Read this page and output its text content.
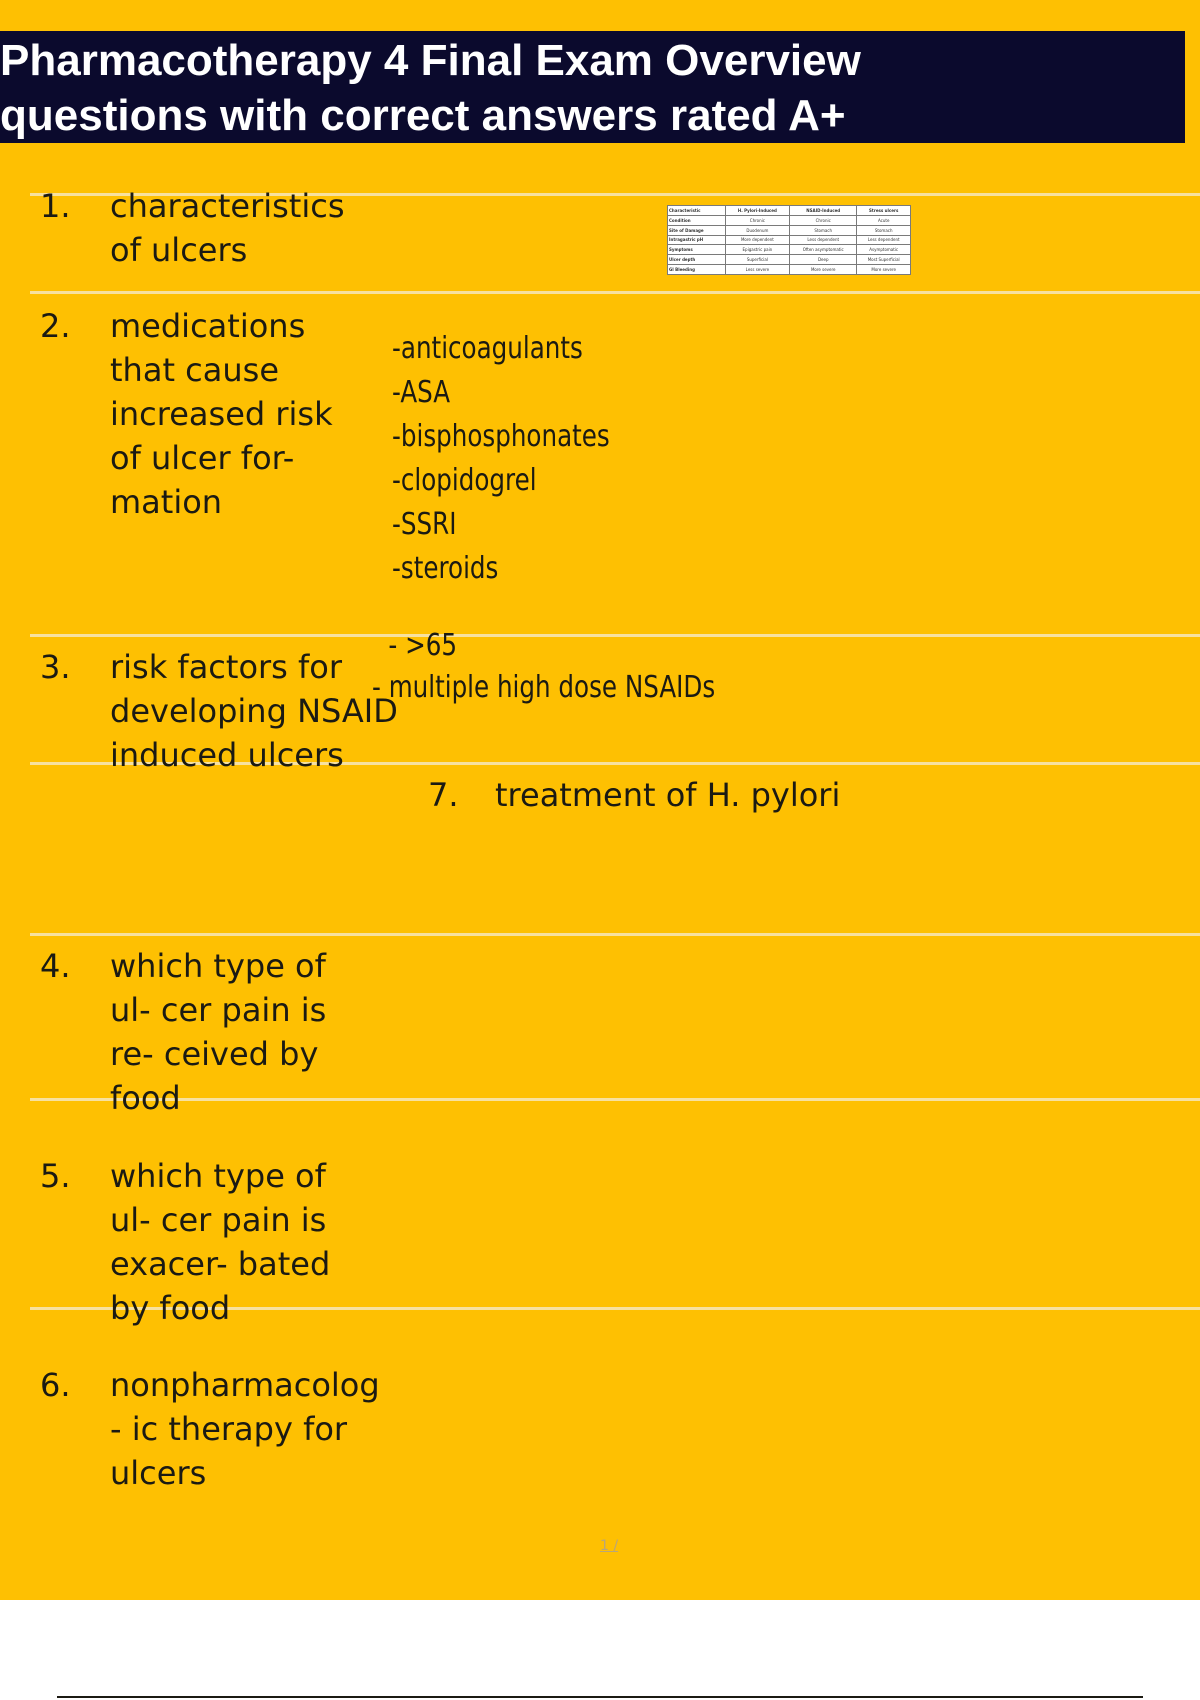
Pharmacotherapy 4 Final Exam Overview
questions with correct answers rated A+
1.	characteristics
of ulcers
Characteristic	H. Pylori-Induced	NSAID-Induced	Stress ulcers
Condition	Chronic	Chronic	Acute
Site of Damage	Duodenum	Stomach	Stomach
Intragastric pH	More dependent	Less dependent	Less dependent
Symptoms	Epigastric pain	Often asymptomatic	Asymptomatic
Ulcer depth	Superficial	Deep	Most Superficial
GI Bleeding	Less severe	More severe	More severe
2.	medications
that cause
increased risk
of ulcer for-
mation
-anticoagulants
-ASA
-bisphosphonates
-clopidogrel
-SSRI
-steroids
3.	risk factors for
developing NSAID
induced ulcers
- >65
- multiple high dose NSAIDs
7.	treatment of H. pylori
4.	which type of
ul- cer pain is
re- ceived by
food
5.	which type of
ul- cer pain is
exacer- bated
by food
6.	nonpharmacolog
- ic therapy for
ulcers
1 /
